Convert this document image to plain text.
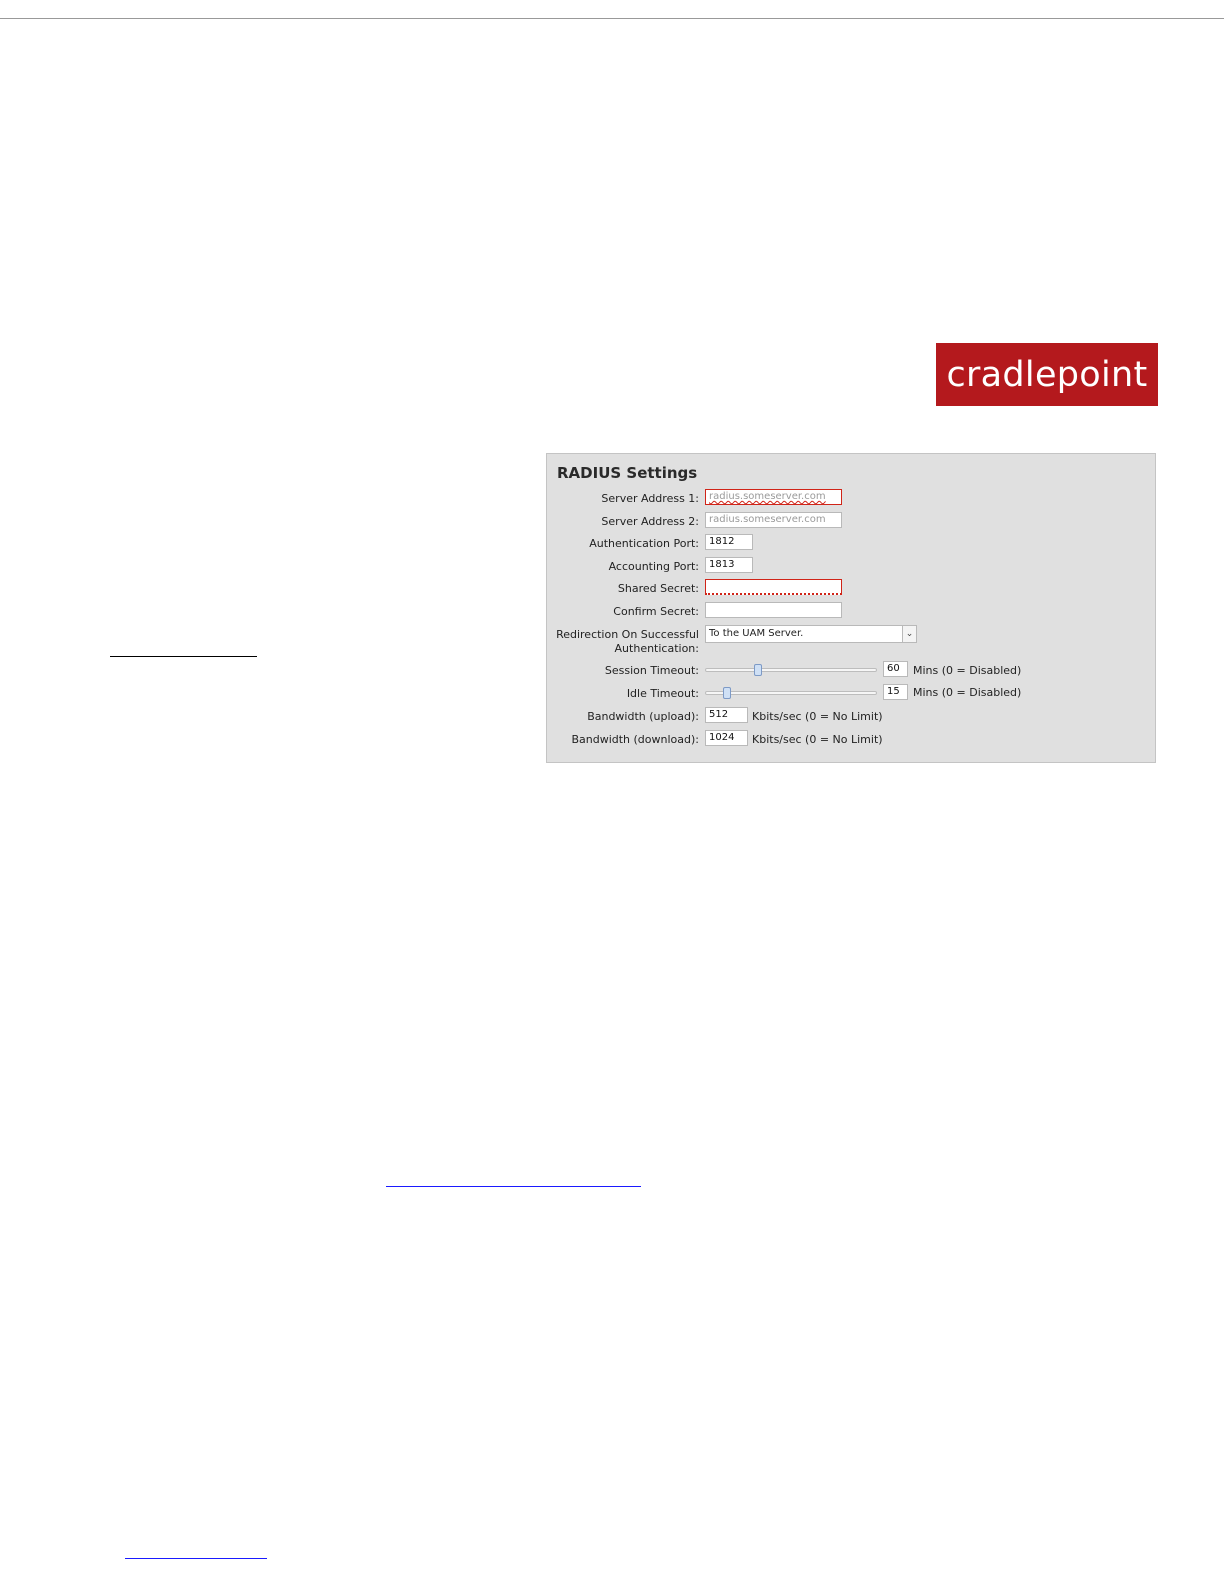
cradlepoint
RADIUS Settings
Server Address 1:	radius.someserver.com
Server Address 2:	radius.someserver.com
Authentication Port:	1812
Accounting Port:	1813
Shared Secret:
Confirm Secret:
Redirection On Successful
Authentication:
To the UAM Server.	⌄
Session Timeout:	60	Mins (0 = Disabled)
Idle Timeout:	15	Mins (0 = Disabled)
Bandwidth (upload):	512	Kbits/sec (0 = No Limit)
Bandwidth (download):	1024	Kbits/sec (0 = No Limit)
